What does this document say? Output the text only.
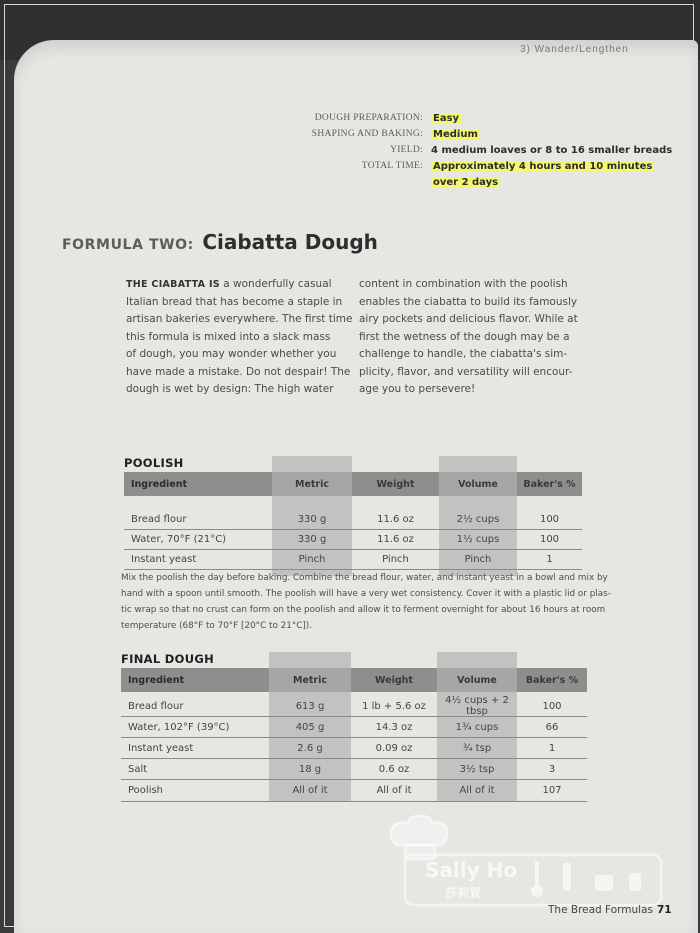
3) Wander/Lengthen
DOUGH PREPARATION:	Easy
SHAPING AND BAKING:	Medium
YIELD: 4 medium loaves or 8 to 16 smaller breads
TOTAL TIME:	Approximately 4 hours and 10 minutes
over 2 days
FORMULA TWO: Ciabatta Dough
THE CIABATTA IS a wonderfully casual
Italian bread that has become a staple in
artisan bakeries everywhere. The first time
this formula is mixed into a slack mass
of dough, you may wonder whether you
have made a mistake. Do not despair! The
dough is wet by design: The high water
content in combination with the poolish
enables the ciabatta to build its famously
airy pockets and delicious flavor. While at
first the wetness of the dough may be a
challenge to handle, the ciabatta's sim-
plicity, flavor, and versatility will encour-
age you to persevere!
POOLISH
Ingredient	Metric	Weight	Volume	Baker's %
Bread flour	330 g	11.6 oz	2½ cups	100
Water, 70°F (21°C)	330 g	11.6 oz	1½ cups	100
Instant yeast	Pinch	Pinch	Pinch	1
Mix the poolish the day before baking. Combine the bread flour, water, and instant yeast in a bowl and mix by
hand with a spoon until smooth. The poolish will have a very wet consistency. Cover it with a plastic lid or plas-
tic wrap so that no crust can form on the poolish and allow it to ferment overnight for about 16 hours at room
temperature (68°F to 70°F [20°C to 21°C]).
FINAL DOUGH
Ingredient	Metric	Weight	Volume	Baker's %
Bread flour	613 g	1 lb + 5.6 oz	4½ cups + 2 tbsp	100
Water, 102°F (39°C)	405 g	14.3 oz	1¾ cups	66
Instant yeast	2.6 g	0.09 oz	¾ tsp	1
Salt	18 g	0.6 oz	3½ tsp	3
Poolish	All of it	All of it	All of it	107
Sally Ho
莎莉賀
The Bread Formulas 71
